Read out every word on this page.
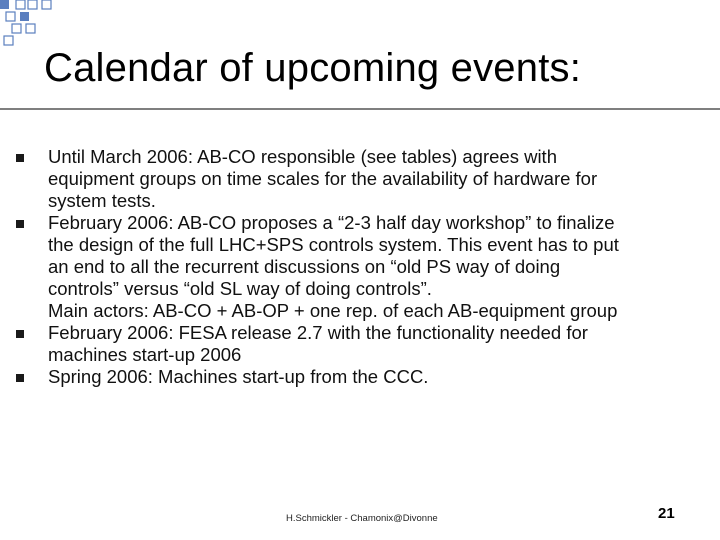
Calendar of upcoming events:
Until March 2006: AB-CO responsible (see tables) agrees with
equipment groups on time scales for the availability of hardware for
system tests.
February 2006: AB-CO proposes a “2-3 half day workshop” to finalize
the design of the full LHC+SPS controls system. This event has to put
an end to all the recurrent discussions on “old PS way of doing
controls” versus “old SL way of doing controls”.
Main actors: AB-CO + AB-OP + one rep. of each AB-equipment group
February 2006: FESA release 2.7 with the functionality needed for
machines start-up 2006
Spring 2006: Machines start-up from the CCC.
H.Schmickler - Chamonix@Divonne	21
